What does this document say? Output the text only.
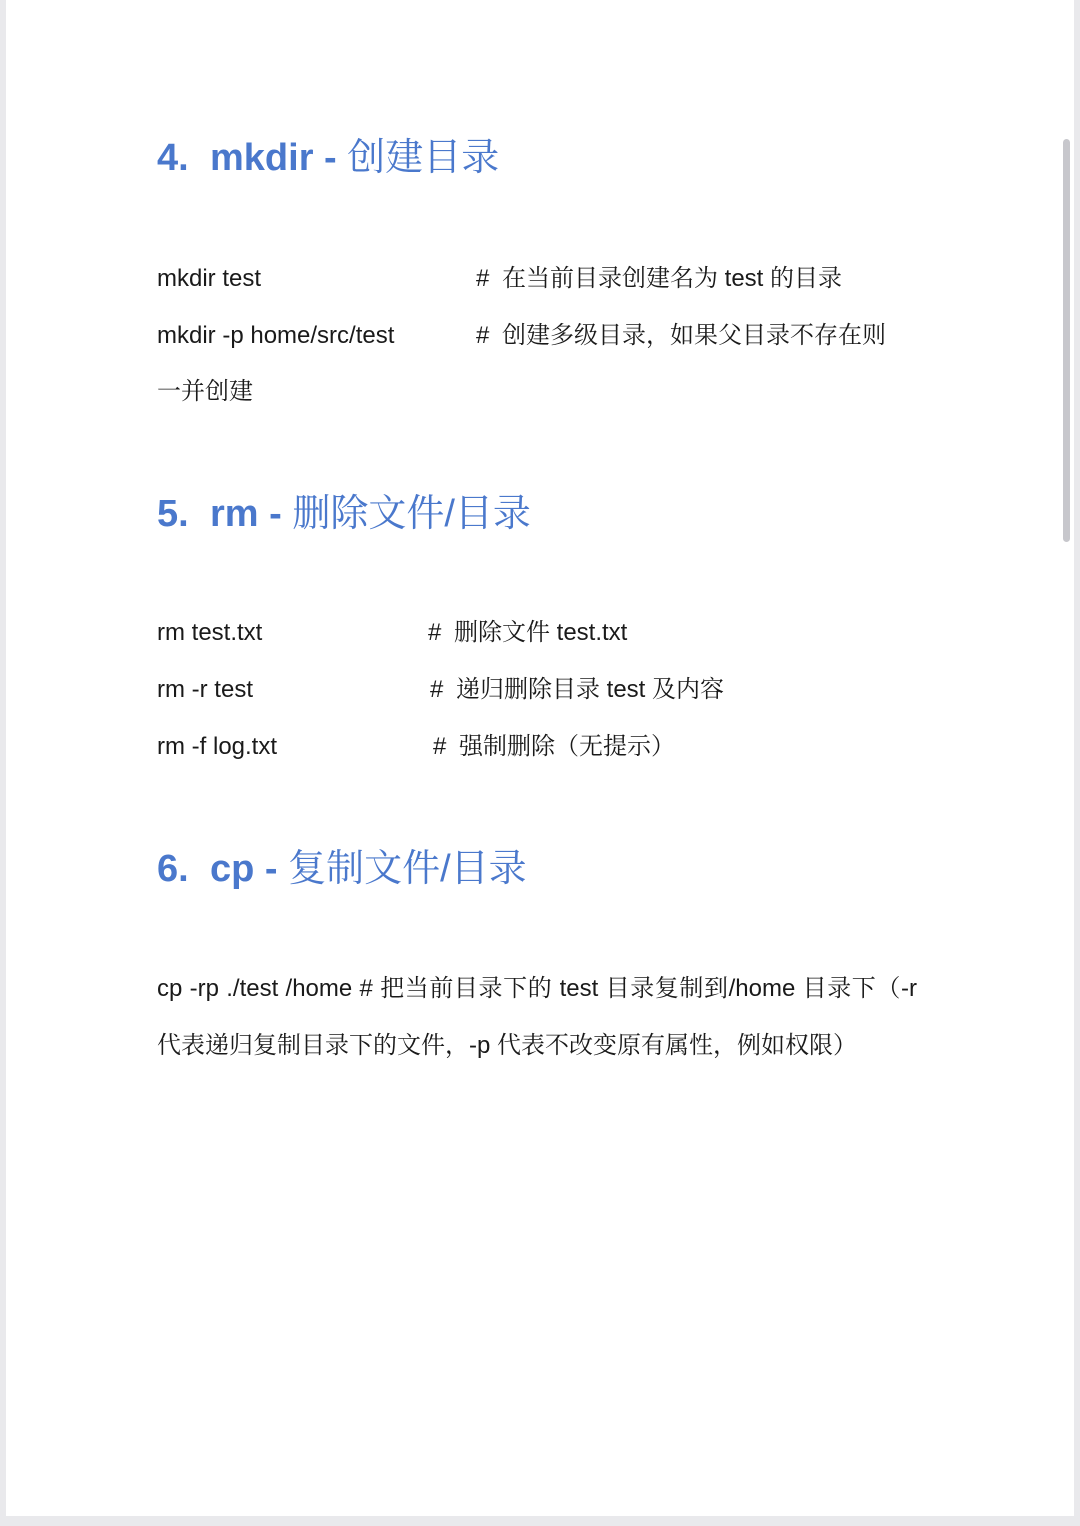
4. mkdir - 创建目录
mkdir test	# 在当前目录创建名为 test 的目录
mkdir -p home/src/test	# 创建多级目录，如果父目录不存在则
一并创建
5. rm - 删除文件/目录
rm test.txt	# 删除文件 test.txt
rm -r test	# 递归删除目录 test 及内容
rm -f log.txt	# 强制删除（无提示）
6. cp - 复制文件/目录
cp -rp ./test /home # 把当前目录下的 test 目录复制到/home 目录下（-r 代表递归复制目录下的文件，-p 代表不改变原有属性，例如权限）
